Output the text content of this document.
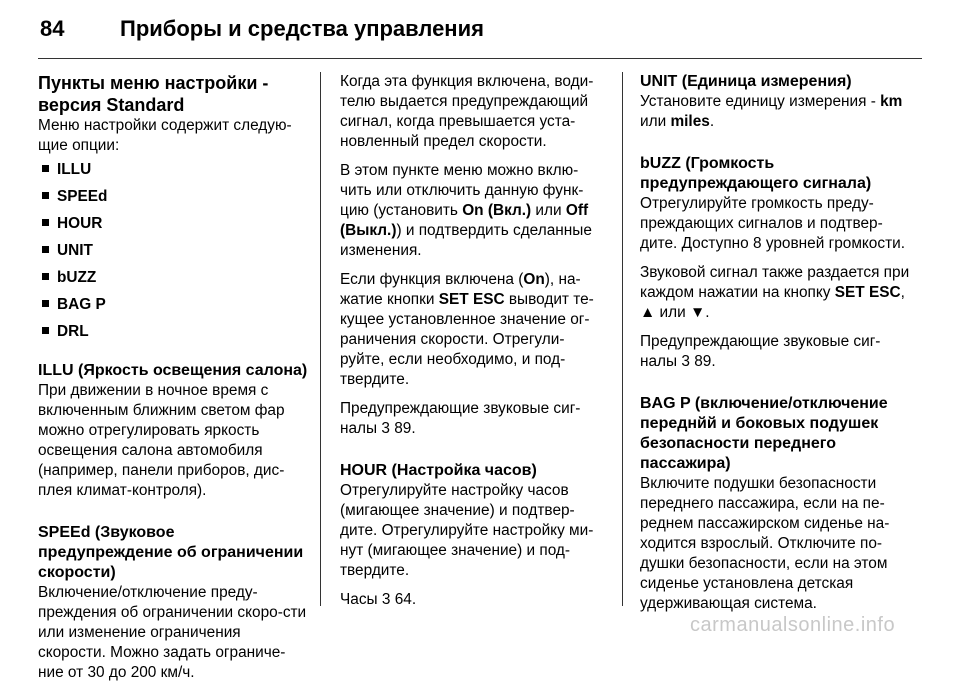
84	Приборы и средства управления
Пункты меню настройки -
версия Standard

Меню настройки содержит следую-щие опции:

ILLU
SPEEd
HOUR
UNIT
bUZZ
BAG P
DRL
ILLU (Яркость освещения салона)

При движении в ночное время с включенным ближним светом фар можно отрегулировать яркость освещения салона автомобиля (например, панели приборов, дис-плея климат-контроля).

SPEEd (Звуковое предупреждение об ограничении скорости)

Включение/отключение преду-преждения об ограничении скоро-сти или изменение ограничения скорости. Можно задать ограниче-ние от 30 до 200 км/ч.

Когда эта функция включена, води-телю выдается предупреждающий сигнал, когда превышается уста-новленный предел скорости.

В этом пункте меню можно вклю-чить или отключить данную функ-цию (установить On (Вкл.) или Off (Выкл.)) и подтвердить сделанные изменения.

Если функция включена (On), на-жатие кнопки SET ESC выводит те-кущее установленное значение ог-раничения скорости. Отрегули-руйте, если необходимо, и под-твердите.

Предупреждающие звуковые сиг-налы 3 89.

HOUR (Настройка часов)

Отрегулируйте настройку часов (мигающее значение) и подтвер-дите. Отрегулируйте настройку ми-нут (мигающее значение) и под-твердите.

Часы 3 64.

UNIT (Единица измерения)

Установите единицу измерения - km или miles.

bUZZ (Громкость
предупреждающего сигнала)

Отрегулируйте громкость преду-преждающих сигналов и подтвер-дите. Доступно 8 уровней громкости.

Звуковой сигнал также раздается при каждом нажатии на кнопку SET ESC, ▲ или ▼.

Предупреждающие звуковые сиг-налы 3 89.

BAG P (включение/отключение переднйй и боковых подушек безопасности переднего пассажира)

Включите подушки безопасности переднего пассажира, если на пе-реднем пассажирском сиденье на-ходится взрослый. Отключите по-душки безопасности, если на этом сиденье установлена детская удерживающая система.

carmanualsonline.info
